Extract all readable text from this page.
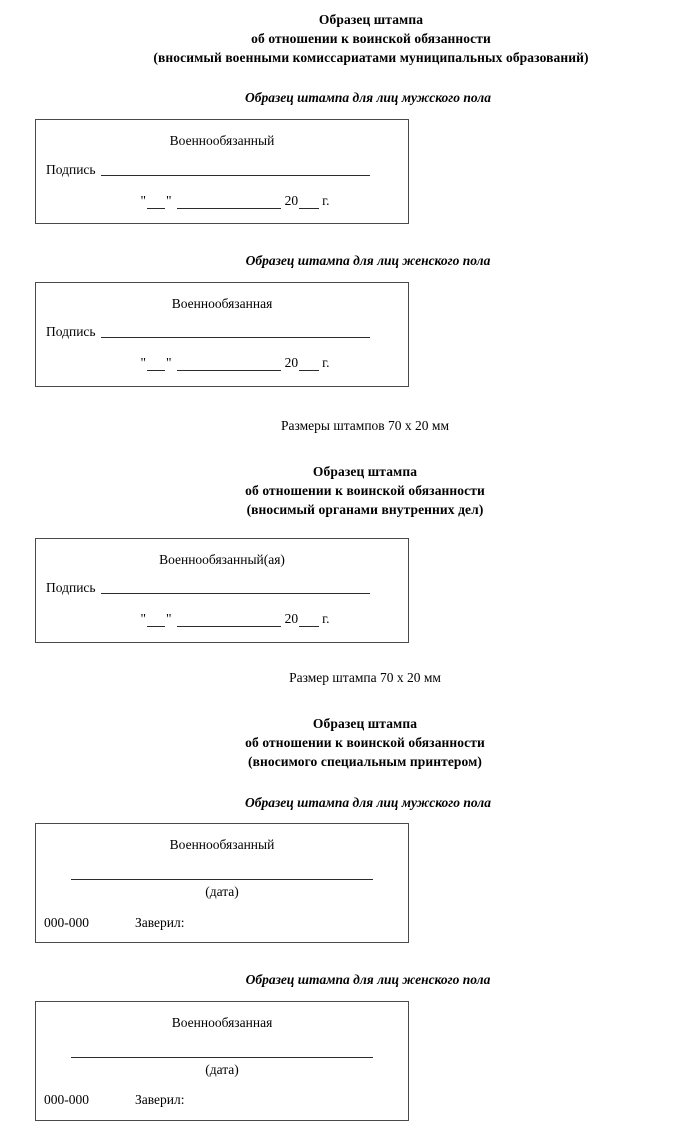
Образец штампа
об отношении к воинской обязанности
(вносимый военными комиссариатами муниципальных образований)
Образец штампа для лиц мужского пола
Военнообязанный
Подпись
" "	20 г.
Образец штампа для лиц женского пола
Военнообязанная
Подпись
" "	20 г.
Размеры штампов 70 x 20 мм
Образец штампа
об отношении к воинской обязанности
(вносимый органами внутренних дел)
Военнообязанный(ая)
Подпись
" "	20 г.
Размер штампа 70 x 20 мм
Образец штампа
об отношении к воинской обязанности
(вносимого специальным принтером)
Образец штампа для лиц мужского пола
Военнообязанный
(дата)
000-000	Заверил:
Образец штампа для лиц женского пола
Военнообязанная
(дата)
000-000	Заверил:
